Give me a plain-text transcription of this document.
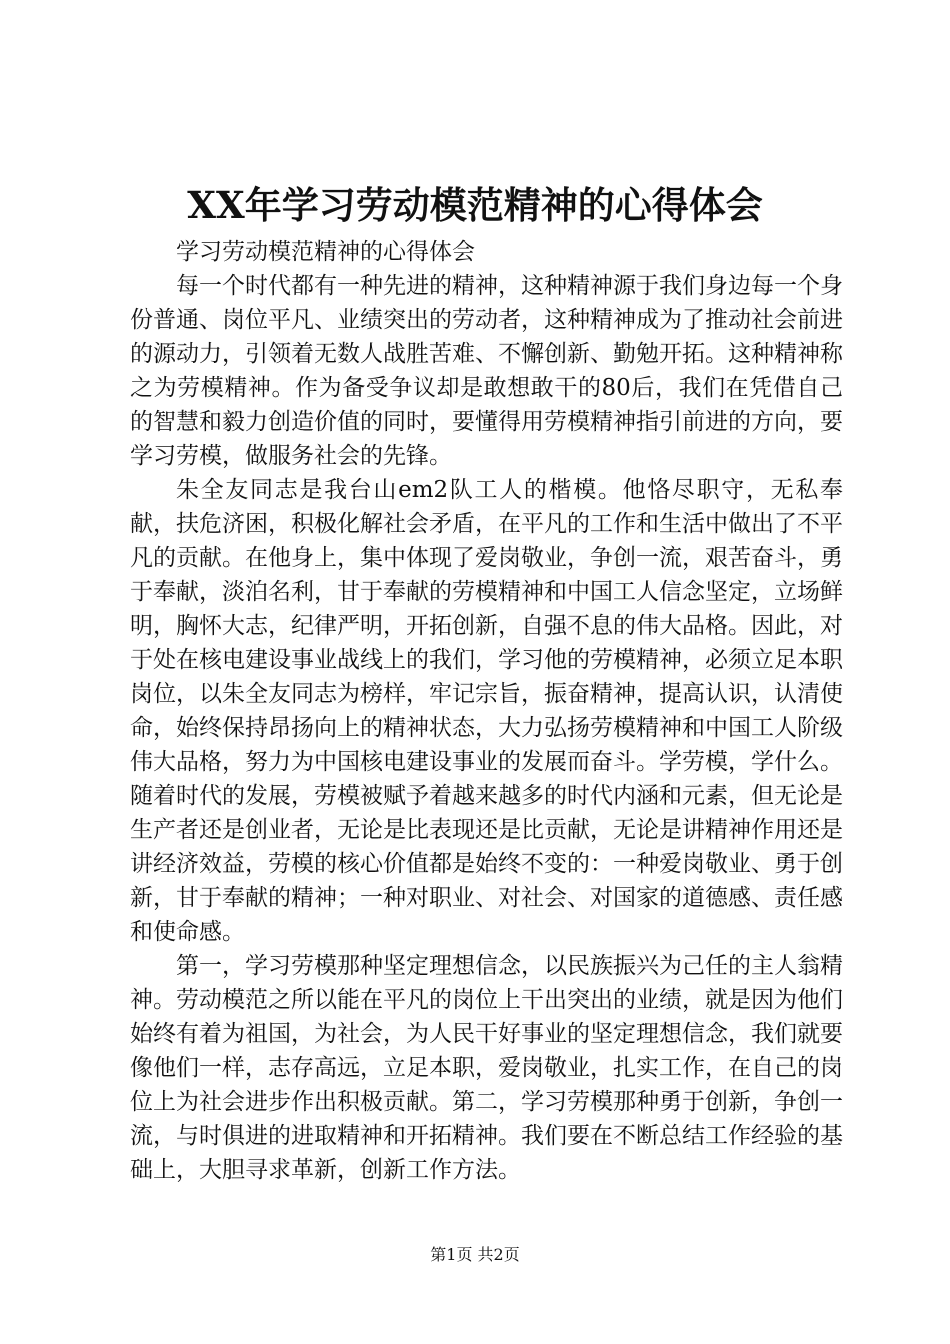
XX年学习劳动模范精神的心得体会

学习劳动模范精神的心得体会

每一个时代都有一种先进的精神，这种精神源于我们身边每一个身份普通、岗位平凡、业绩突出的劳动者，这种精神成为了推动社会前进的源动力，引领着无数人战胜苦难、不懈创新、勤勉开拓。这种精神称之为劳模精神。作为备受争议却是敢想敢干的80后，我们在凭借自己的智慧和毅力创造价值的同时，要懂得用劳模精神指引前进的方向，要学习劳模，做服务社会的先锋。

朱全友同志是我台山em2队工人的楷模。他恪尽职守，无私奉献，扶危济困，积极化解社会矛盾，在平凡的工作和生活中做出了不平凡的贡献。在他身上，集中体现了爱岗敬业，争创一流，艰苦奋斗，勇于奉献，淡泊名利，甘于奉献的劳模精神和中国工人信念坚定，立场鲜明，胸怀大志，纪律严明，开拓创新，自强不息的伟大品格。因此，对于处在核电建设事业战线上的我们，学习他的劳模精神，必须立足本职岗位，以朱全友同志为榜样，牢记宗旨，振奋精神，提高认识，认清使命，始终保持昂扬向上的精神状态，大力弘扬劳模精神和中国工人阶级伟大品格，努力为中国核电建设事业的发展而奋斗。学劳模，学什么。随着时代的发展，劳模被赋予着越来越多的时代内涵和元素，但无论是生产者还是创业者，无论是比表现还是比贡献，无论是讲精神作用还是讲经济效益，劳模的核心价值都是始终不变的：一种爱岗敬业、勇于创新，甘于奉献的精神；一种对职业、对社会、对国家的道德感、责任感和使命感。

第一，学习劳模那种坚定理想信念，以民族振兴为己任的主人翁精神。劳动模范之所以能在平凡的岗位上干出突出的业绩，就是因为他们始终有着为祖国，为社会，为人民干好事业的坚定理想信念，我们就要像他们一样，志存高远，立足本职，爱岗敬业，扎实工作，在自己的岗位上为社会进步作出积极贡献。第二，学习劳模那种勇于创新，争创一流，与时俱进的进取精神和开拓精神。我们要在不断总结工作经验的基础上，大胆寻求革新，创新工作方法。

第1页 共2页
